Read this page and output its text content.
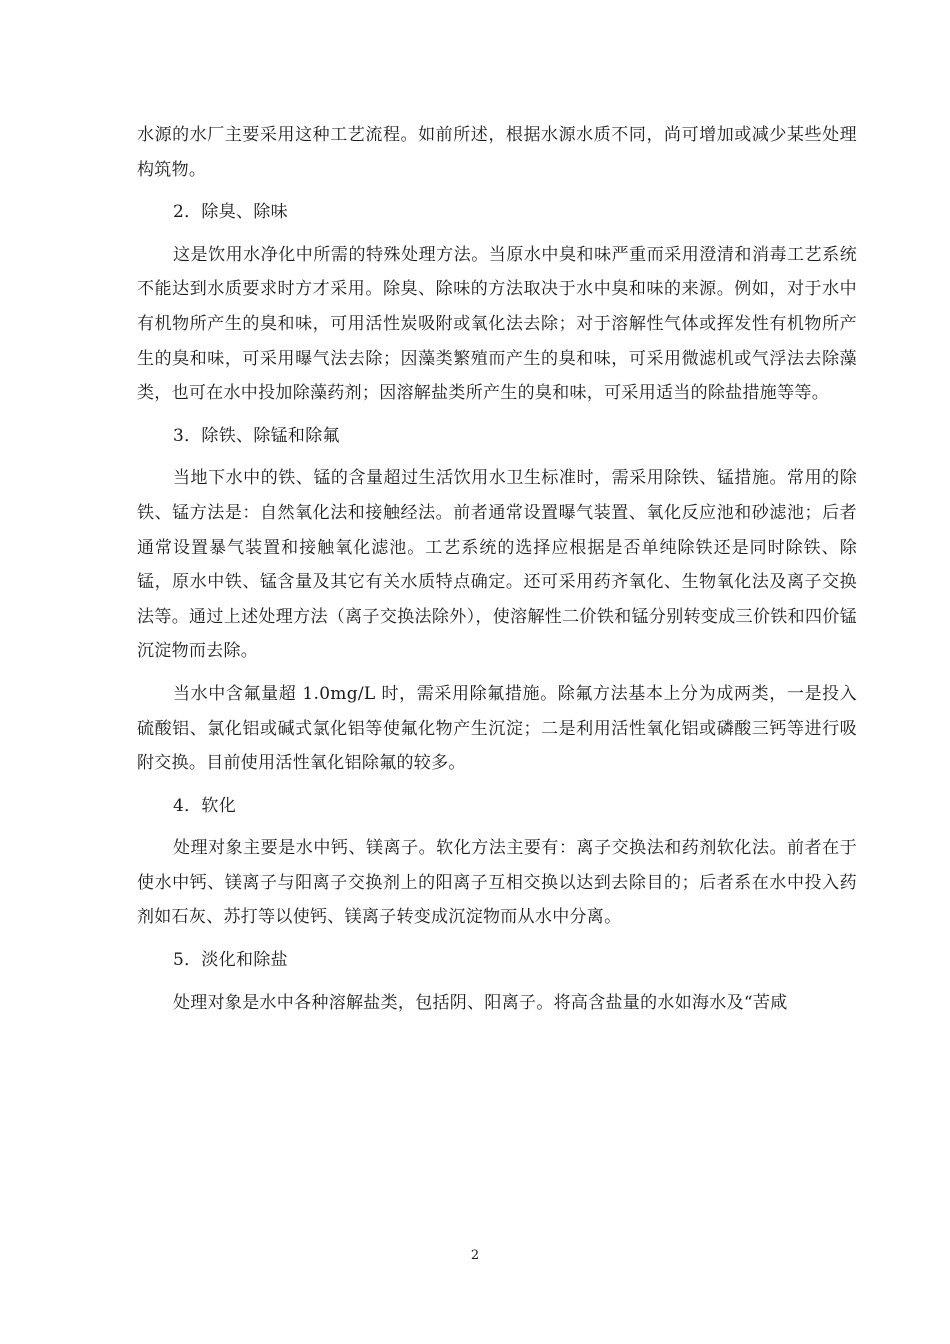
水源的水厂主要采用这种工艺流程。如前所述，根据水源水质不同，尚可增加或减少某些处理构筑物。

2．除臭、除味

这是饮用水净化中所需的特殊处理方法。当原水中臭和味严重而采用澄清和消毒工艺系统不能达到水质要求时方才采用。除臭、除味的方法取决于水中臭和味的来源。例如，对于水中有机物所产生的臭和味，可用活性炭吸附或氧化法去除；对于溶解性气体或挥发性有机物所产生的臭和味，可采用曝气法去除；因藻类繁殖而产生的臭和味，可采用微滤机或气浮法去除藻类，也可在水中投加除藻药剂；因溶解盐类所产生的臭和味，可采用适当的除盐措施等等。

3．除铁、除锰和除氟

当地下水中的铁、锰的含量超过生活饮用水卫生标准时，需采用除铁、锰措施。常用的除铁、锰方法是：自然氧化法和接触经法。前者通常设置曝气装置、氧化反应池和砂滤池；后者通常设置暴气装置和接触氧化滤池。工艺系统的选择应根据是否单纯除铁还是同时除铁、除锰，原水中铁、锰含量及其它有关水质特点确定。还可采用药齐氧化、生物氧化法及离子交换法等。通过上述处理方法（离子交换法除外），使溶解性二价铁和锰分别转变成三价铁和四价锰沉淀物而去除。

当水中含氟量超 1.0mg/L 时，需采用除氟措施。除氟方法基本上分为成两类，一是投入硫酸铝、氯化铝或碱式氯化铝等使氟化物产生沉淀；二是利用活性氧化铝或磷酸三钙等进行吸附交换。目前使用活性氧化铝除氟的较多。

4．软化

处理对象主要是水中钙、镁离子。软化方法主要有：离子交换法和药剂软化法。前者在于使水中钙、镁离子与阳离子交换剂上的阳离子互相交换以达到去除目的；后者系在水中投入药剂如石灰、苏打等以使钙、镁离子转变成沉淀物而从水中分离。

5．淡化和除盐

处理对象是水中各种溶解盐类，包括阴、阳离子。将高含盐量的水如海水及“苦咸

2
